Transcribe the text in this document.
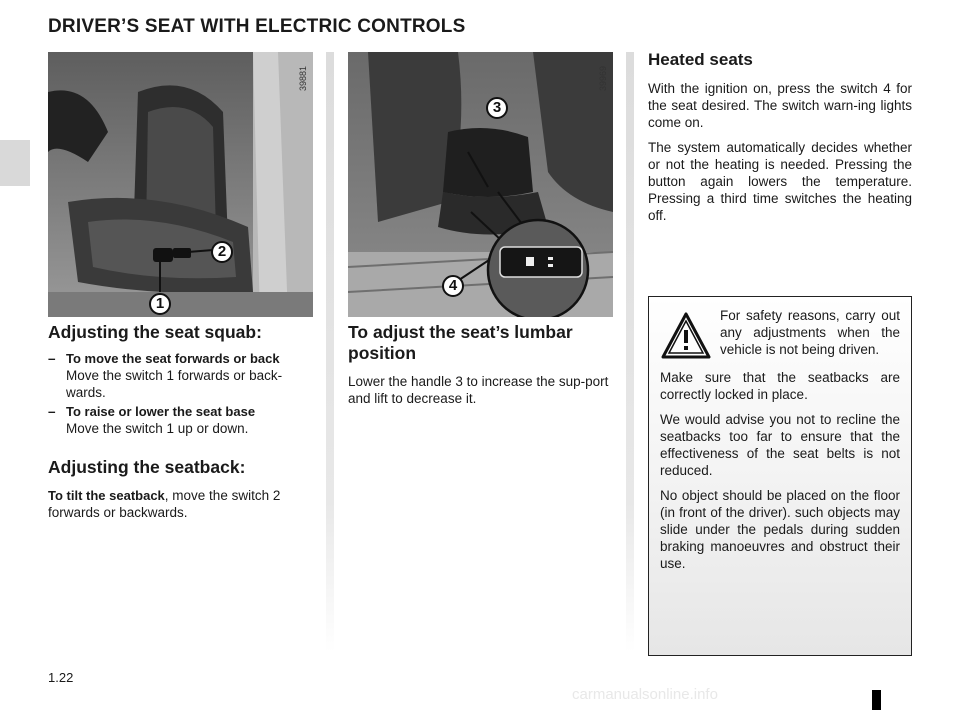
DRIVER’S SEAT WITH ELECTRIC CONTROLS
39881
2
1
39969
3
4
Adjusting the seat squab:
– To move the seat forwards or back
Move the switch 1 forwards or back-wards.
– To raise or lower the seat base
Move the switch 1 up or down.
Adjusting the seatback:
To tilt the seatback, move the switch 2 forwards or backwards.
To adjust the seat’s lumbar position
Lower the handle 3 to increase the sup-port and lift to decrease it.
Heated seats
With the ignition on, press the switch 4 for the seat desired. The switch warn-ing lights come on.
The system automatically decides whether or not the heating is needed. Pressing the button again lowers the temperature. Pressing a third time switches the heating off.

For safety reasons, carry out any adjustments when the vehicle is not being driven.

Make sure that the seatbacks are correctly locked in place.

We would advise you not to recline the seatbacks too far to ensure that the effectiveness of the seat belts is not reduced.

No object should be placed on the floor (in front of the driver). such objects may slide under the pedals during sudden braking manoeuvres and obstruct their use.

1.22
carmanualsonline.info
